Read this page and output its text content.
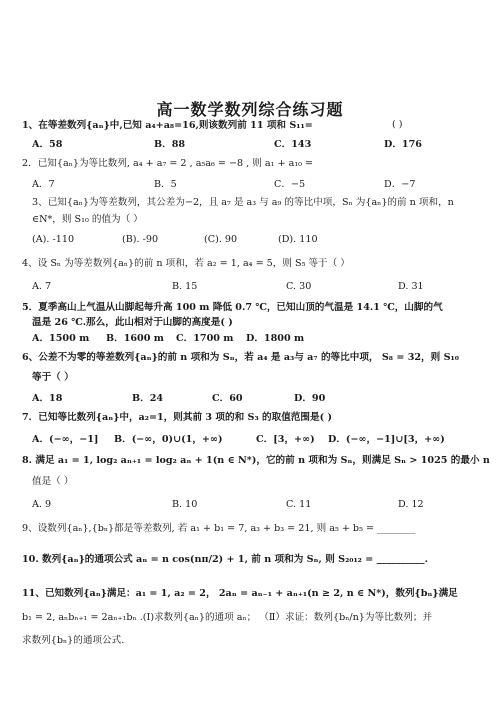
高一数学数列综合练习题
1、在等差数列{aₙ}中,已知 a₄+a₈=16,则该数列前 11 项和 S₁₁=	( )
A．58	B．88	C．143	D．176
2．已知{aₙ}为等比数列, a₄ + a₇ = 2 , a₅a₆ = −8 , 则 a₁ + a₁₀ =
A．7	B．5	C．−5	D．−7
3、已知{aₙ}为等差数列，其公差为−2，且 a₇ 是 a₃ 与 a₉ 的等比中项，Sₙ 为{aₙ}的前 n 项和，n
∈N*，则 S₁₀ 的值为（ ）
(A). -110	(B). -90	(C). 90	(D). 110
4、设 Sₙ 为等差数列{aₙ}的前 n 项和，若 a₂ = 1, a₄ = 5，则 S₅ 等于（ ）
A. 7	B. 15	C. 30	D. 31
5．夏季高山上气温从山脚起每升高 100 m 降低 0.7 ℃，已知山顶的气温是 14.1 ℃，山脚的气
温是 26 ℃.那么，此山相对于山脚的高度是( )
A．1500 m B．1600 m C．1700 m D．1800 m
6、公差不为零的等差数列{aₙ}的前 n 项和为 Sₙ，若 a₄ 是 a₃与 a₇ 的等比中项， S₈ = 32，则 S₁₀
等于（ ）
A．18	B．24	C．60	D．90
7．已知等比数列{aₙ}中，a₂=1，则其前 3 项的和 S₃ 的取值范围是( )
A．(−∞，−1] B．(−∞，0)∪(1，+∞)	C．[3，+∞) D．(−∞，−1]∪[3，+∞)
8. 满足 a₁ = 1, log₂ aₙ₊₁ = log₂ aₙ + 1(n ∈ N*)，它的前 n 项和为 Sₙ，则满足 Sₙ > 1025 的最小 n
值是（ ）
A. 9	B. 10	C. 11	D. 12
9、设数列{aₙ},{bₙ}都是等差数列, 若 a₁ + b₁ = 7, a₃ + b₃ = 21, 则 a₅ + b₅ = ________
10. 数列{aₙ}的通项公式 aₙ = n cos(nπ/2) + 1, 前 n 项和为 Sₙ, 则 S₂₀₁₂ = __________.
11、已知数列{aₙ}满足：a₁ = 1, a₂ = 2， 2aₙ = aₙ₋₁ + aₙ₊₁(n ≥ 2, n ∈ N*)，数列{bₙ}满足
b₁ = 2, aₙbₙ₊₁ = 2aₙ₊₁bₙ .(Ⅰ)求数列{aₙ}的通项 aₙ； （Ⅱ）求证：数列{bₙ/n}为等比数列；并
求数列{bₙ}的通项公式.
